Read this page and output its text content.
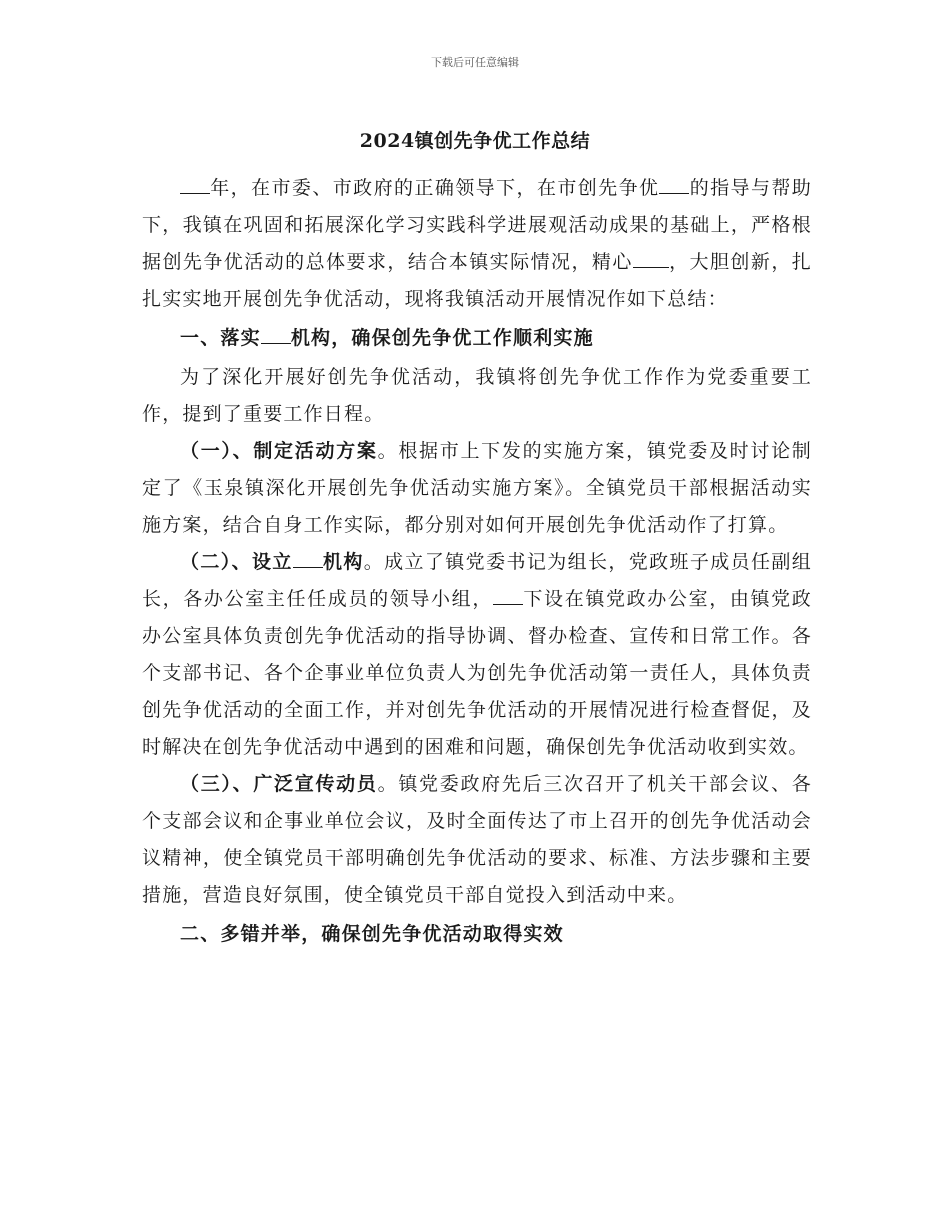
下载后可任意编辑
2024镇创先争优工作总结

年，在市委、市政府的正确领导下，在市创先争优 的指导与帮助下，我镇在巩固和拓展深化学习实践科学进展观活动成果的基础上，严格根据创先争优活动的总体要求，结合本镇实际情况，精心 ，大胆创新，扎扎实实地开展创先争优活动，现将我镇活动开展情况作如下总结：

一、落实 机构，确保创先争优工作顺利实施

为了深化开展好创先争优活动，我镇将创先争优工作作为党委重要工作，提到了重要工作日程。

（一）、制定活动方案。根据市上下发的实施方案，镇党委及时讨论制定了《玉泉镇深化开展创先争优活动实施方案》。全镇党员干部根据活动实施方案，结合自身工作实际，都分别对如何开展创先争优活动作了打算。

（二）、设立 机构。成立了镇党委书记为组长，党政班子成员任副组长，各办公室主任任成员的领导小组， 下设在镇党政办公室，由镇党政办公室具体负责创先争优活动的指导协调、督办检查、宣传和日常工作。各个支部书记、各个企事业单位负责人为创先争优活动第一责任人，具体负责创先争优活动的全面工作，并对创先争优活动的开展情况进行检查督促，及时解决在创先争优活动中遇到的困难和问题，确保创先争优活动收到实效。

（三）、广泛宣传动员。镇党委政府先后三次召开了机关干部会议、各个支部会议和企事业单位会议，及时全面传达了市上召开的创先争优活动会议精神，使全镇党员干部明确创先争优活动的要求、标准、方法步骤和主要措施，营造良好氛围，使全镇党员干部自觉投入到活动中来。

二、多错并举，确保创先争优活动取得实效
